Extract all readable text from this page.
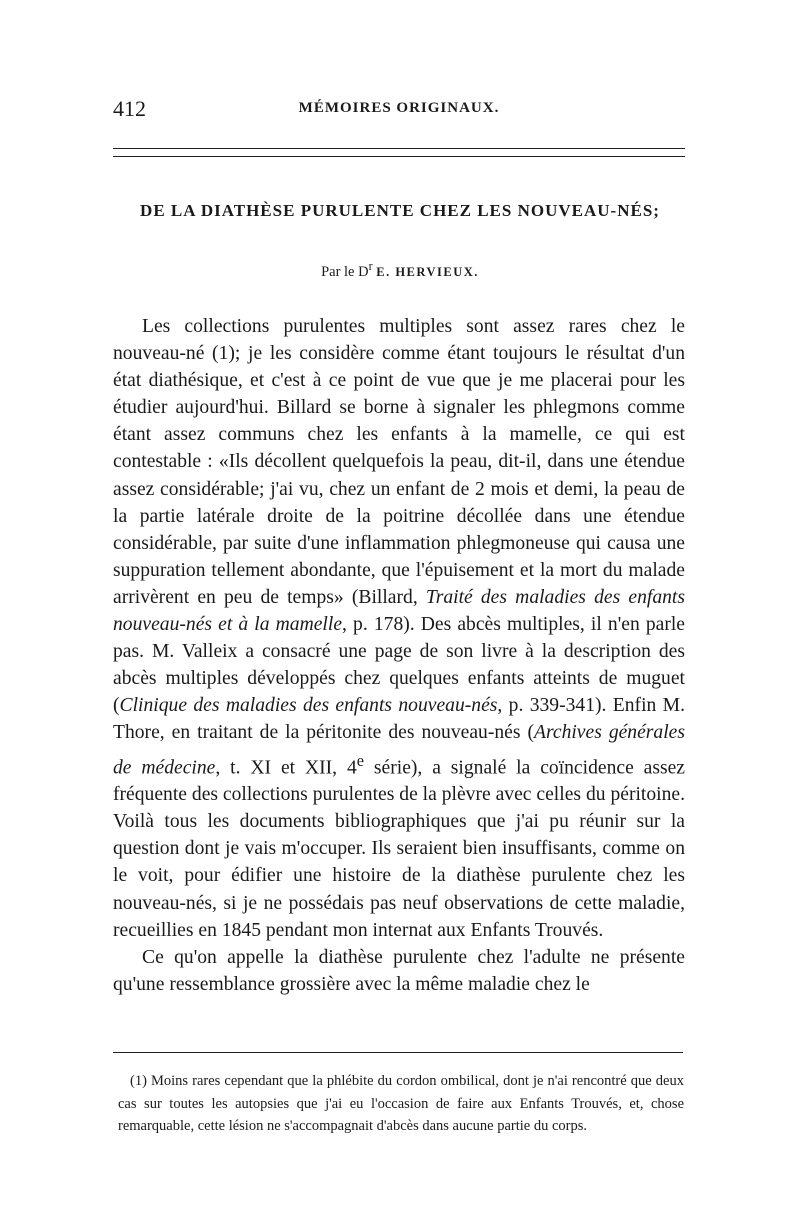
412	MÉMOIRES ORIGINAUX.
DE LA DIATHÈSE PURULENTE CHEZ LES NOUVEAU-NÉS;
Par le $D^r$ E. HERVIEUX.

Les collections purulentes multiples sont assez rares chez le nouveau-né (1); je les considère comme étant toujours le résultat d'un état diathésique, et c'est à ce point de vue que je me placerai pour les étudier aujourd'hui. Billard se borne à signaler les phlegmons comme étant assez communs chez les enfants à la mamelle, ce qui est contestable : «Ils décollent quelquefois la peau, dit-il, dans une étendue assez considérable; j'ai vu, chez un enfant de 2 mois et demi, la peau de la partie latérale droite de la poitrine décollée dans une étendue considérable, par suite d'une inflammation phlegmoneuse qui causa une suppuration tellement abondante, que l'épuisement et la mort du malade arrivèrent en peu de temps» (Billard, Traité des maladies des enfants nouveau-nés et à la mamelle, p. 178). Des abcès multiples, il n'en parle pas. M. Valleix a consacré une page de son livre à la description des abcès multiples développés chez quelques enfants atteints de muguet (Clinique des maladies des enfants nouveau-nés, p. 339-341). Enfin M. Thore, en traitant de la péritonite des nouveau-nés (Archives générales de médecine, t. XI et XII, 4e série), a signalé la coïncidence assez fréquente des collections purulentes de la plèvre avec celles du péritoine. Voilà tous les documents bibliographiques que j'ai pu réunir sur la question dont je vais m'occuper. Ils seraient bien insuffisants, comme on le voit, pour édifier une histoire de la diathèse purulente chez les nouveau-nés, si je ne possédais pas neuf observations de cette maladie, recueillies en 1845 pendant mon internat aux Enfants Trouvés.

Ce qu'on appelle la diathèse purulente chez l'adulte ne présente qu'une ressemblance grossière avec la même maladie chez le

(1) Moins rares cependant que la phlébite du cordon ombilical, dont je n'ai rencontré que deux cas sur toutes les autopsies que j'ai eu l'occasion de faire aux Enfants Trouvés, et, chose remarquable, cette lésion ne s'accompagnait d'abcès dans aucune partie du corps.
